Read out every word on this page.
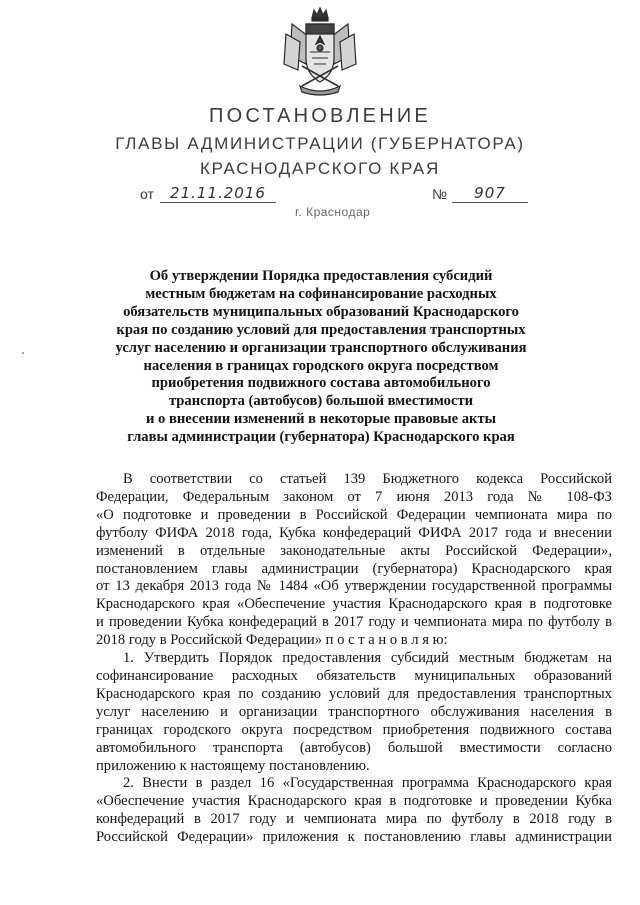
ПОСТАНОВЛЕНИЕ
ГЛАВЫ АДМИНИСТРАЦИИ (ГУБЕРНАТОРА)
КРАСНОДАРСКОГО КРАЯ
от	21.11.2016	№	907
г. Краснодар
Об утверждении Порядка предоставления субсидий
местным бюджетам на софинансирование расходных
обязательств муниципальных образований Краснодарского
края по созданию условий для предоставления транспортных
услуг населению и организации транспортного обслуживания
населения в границах городского округа посредством
приобретения подвижного состава автомобильного
транспорта (автобусов) большой вместимости
и о внесении изменений в некоторые правовые акты
главы администрации (губернатора) Краснодарского края
В соответствии со статьей 139 Бюджетного кодекса Российской
Федерации, Федеральным законом от 7 июня 2013 года № 108-ФЗ
«О подготовке и проведении в Российской Федерации чемпионата мира по
футболу ФИФА 2018 года, Кубка конфедераций ФИФА 2017 года и внесении
изменений в отдельные законодательные акты Российской Федерации»,
постановлением главы администрации (губернатора) Краснодарского края
от 13 декабря 2013 года № 1484 «Об утверждении государственной программы
Краснодарского края «Обеспечение участия Краснодарского края в подготовке
и проведении Кубка конфедераций в 2017 году и чемпионата мира по футболу в
2018 году в Российской Федерации» п о с т а н о в л я ю:
1. Утвердить Порядок предоставления субсидий местным бюджетам на
софинансирование расходных обязательств муниципальных образований
Краснодарского края по созданию условий для предоставления транспортных
услуг населению и организации транспортного обслуживания населения в
границах городского округа посредством приобретения подвижного состава
автомобильного транспорта (автобусов) большой вместимости согласно
приложению к настоящему постановлению.
2. Внести в раздел 16 «Государственная программа Краснодарского края
«Обеспечение участия Краснодарского края в подготовке и проведении Кубка
конфедераций в 2017 году и чемпионата мира по футболу в 2018 году в
Российской Федерации» приложения к постановлению главы администрации
